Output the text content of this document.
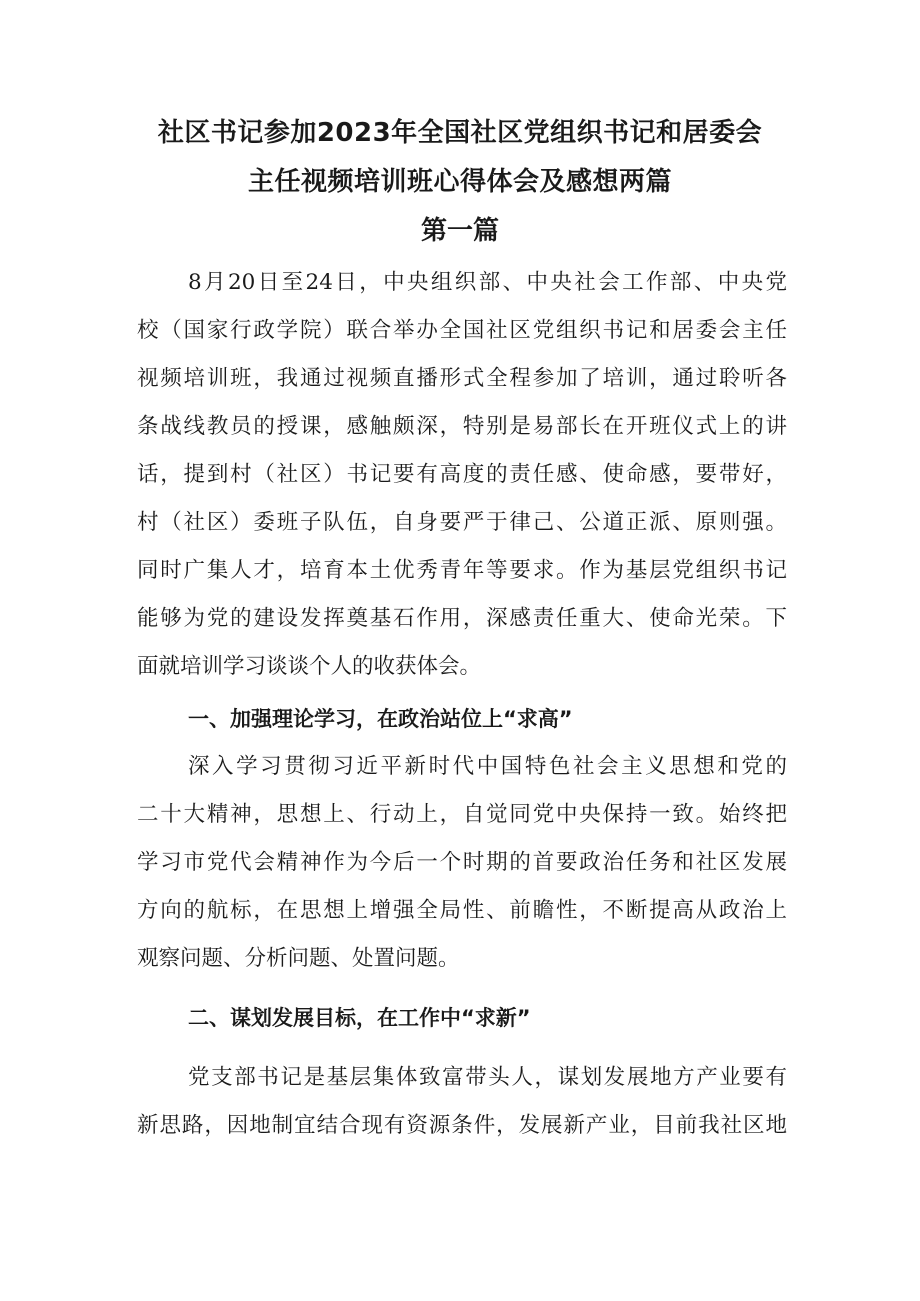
社区书记参加2023年全国社区党组织书记和居委会
主任视频培训班心得体会及感想两篇
第一篇
8月20日至24日，中央组织部、中央社会工作部、中央党
校（国家行政学院）联合举办全国社区党组织书记和居委会主任
视频培训班，我通过视频直播形式全程参加了培训，通过聆听各
条战线教员的授课，感触颇深，特别是易部长在开班仪式上的讲
话，提到村（社区）书记要有高度的责任感、使命感，要带好，
村（社区）委班子队伍，自身要严于律己、公道正派、原则强。
同时广集人才，培育本土优秀青年等要求。作为基层党组织书记
能够为党的建设发挥奠基石作用，深感责任重大、使命光荣。下
面就培训学习谈谈个人的收获体会。
一、加强理论学习，在政治站位上“求高”
深入学习贯彻习近平新时代中国特色社会主义思想和党的
二十大精神，思想上、行动上，自觉同党中央保持一致。始终把
学习市党代会精神作为今后一个时期的首要政治任务和社区发展
方向的航标，在思想上增强全局性、前瞻性，不断提高从政治上
观察问题、分析问题、处置问题。
二、谋划发展目标，在工作中“求新”
党支部书记是基层集体致富带头人，谋划发展地方产业要有
新思路，因地制宜结合现有资源条件，发展新产业，目前我社区地
